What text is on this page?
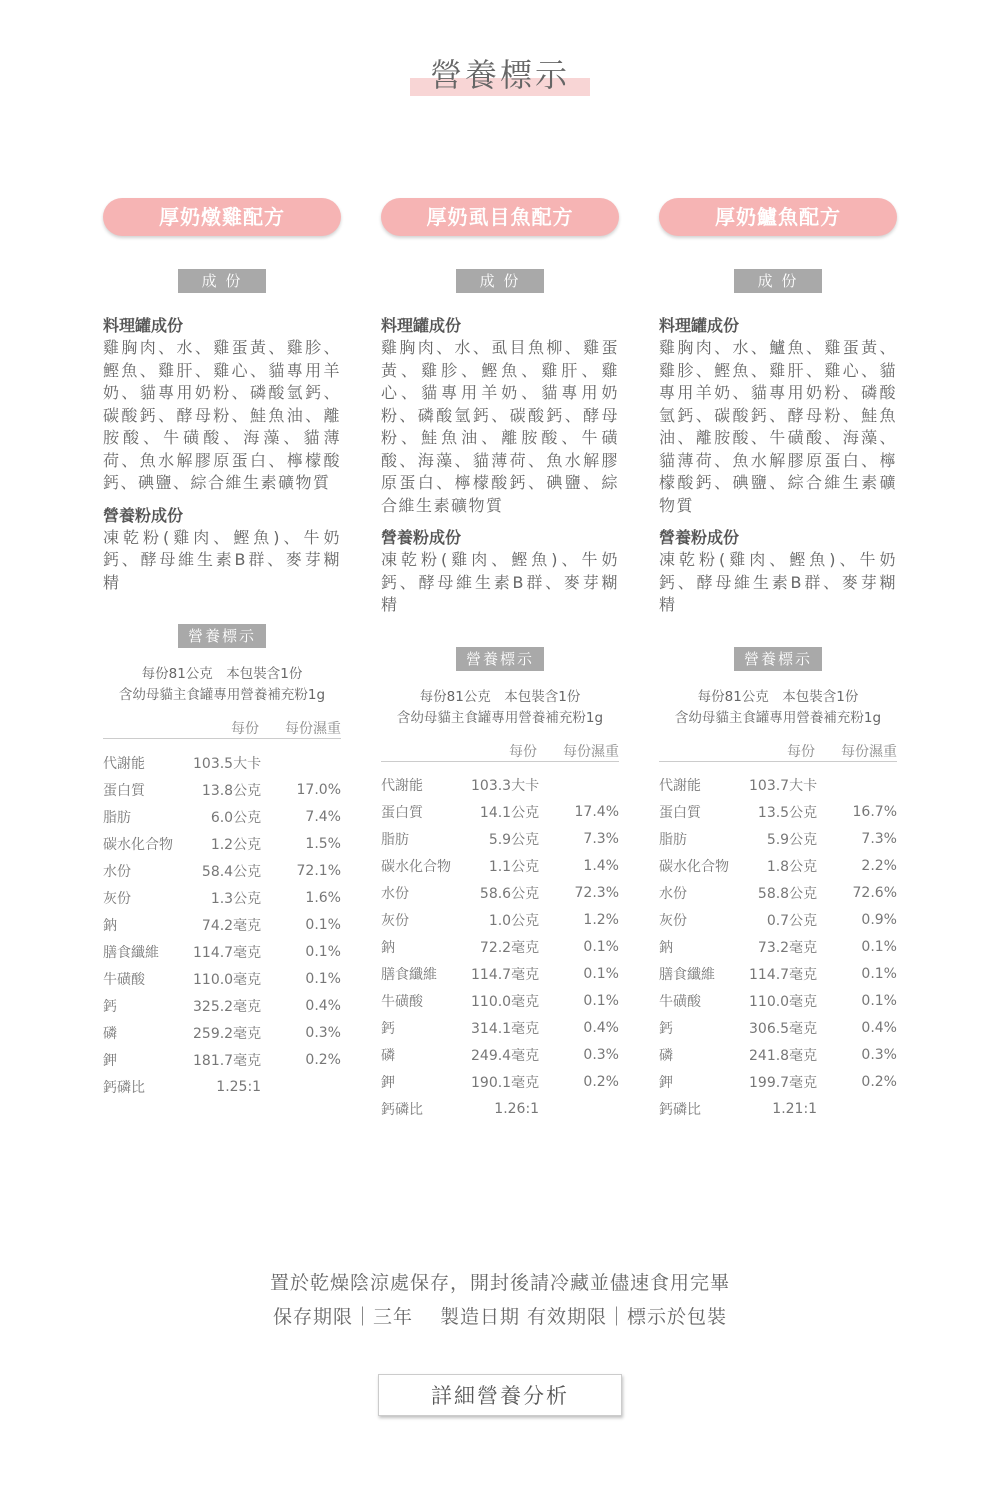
營養標示
厚奶燉雞配方
成 份
料理罐成份
雞胸肉、水、雞蛋黃、雞胗、鰹魚、雞肝、雞心、貓專用羊奶、貓專用奶粉、磷酸氫鈣、碳酸鈣、酵母粉、鮭魚油、離胺酸、牛磺酸、海藻、貓薄荷、魚水解膠原蛋白、檸檬酸鈣、碘鹽、綜合維生素礦物質
營養粉成份
凍乾粉(雞肉、鰹魚)、牛奶鈣、酵母維生素B群、麥芽糊精
營養標示
每份81公克　本包裝含1份
含幼母貓主食罐專用營養補充粉1g
每份 每份濕重
代謝能	103.5大卡	
蛋白質	13.8公克	17.0%
脂肪	6.0公克	7.4%
碳水化合物	1.2公克	1.5%
水份	58.4公克	72.1%
灰份	1.3公克	1.6%
鈉	74.2毫克	0.1%
膳食纖維	114.7毫克	0.1%
牛磺酸	110.0毫克	0.1%
鈣	325.2毫克	0.4%
磷	259.2毫克	0.3%
鉀	181.7毫克	0.2%
鈣磷比	1.25:1	
厚奶虱目魚配方
成 份
料理罐成份
雞胸肉、水、虱目魚柳、雞蛋黃、雞胗、鰹魚、雞肝、雞心、貓專用羊奶、貓專用奶粉、磷酸氫鈣、碳酸鈣、酵母粉、鮭魚油、離胺酸、牛磺酸、海藻、貓薄荷、魚水解膠原蛋白、檸檬酸鈣、碘鹽、綜合維生素礦物質
營養粉成份
凍乾粉(雞肉、鰹魚)、牛奶鈣、酵母維生素B群、麥芽糊精
營養標示
每份81公克　本包裝含1份
含幼母貓主食罐專用營養補充粉1g
每份 每份濕重
代謝能	103.3大卡	
蛋白質	14.1公克	17.4%
脂肪	5.9公克	7.3%
碳水化合物	1.1公克	1.4%
水份	58.6公克	72.3%
灰份	1.0公克	1.2%
鈉	72.2毫克	0.1%
膳食纖維	114.7毫克	0.1%
牛磺酸	110.0毫克	0.1%
鈣	314.1毫克	0.4%
磷	249.4毫克	0.3%
鉀	190.1毫克	0.2%
鈣磷比	1.26:1	
厚奶鱸魚配方
成 份
料理罐成份
雞胸肉、水、鱸魚、雞蛋黃、雞胗、鰹魚、雞肝、雞心、貓專用羊奶、貓專用奶粉、磷酸氫鈣、碳酸鈣、酵母粉、鮭魚油、離胺酸、牛磺酸、海藻、貓薄荷、魚水解膠原蛋白、檸檬酸鈣、碘鹽、綜合維生素礦物質
營養粉成份
凍乾粉(雞肉、鰹魚)、牛奶鈣、酵母維生素B群、麥芽糊精
營養標示
每份81公克　本包裝含1份
含幼母貓主食罐專用營養補充粉1g
每份 每份濕重
代謝能	103.7大卡	
蛋白質	13.5公克	16.7%
脂肪	5.9公克	7.3%
碳水化合物	1.8公克	2.2%
水份	58.8公克	72.6%
灰份	0.7公克	0.9%
鈉	73.2毫克	0.1%
膳食纖維	114.7毫克	0.1%
牛磺酸	110.0毫克	0.1%
鈣	306.5毫克	0.4%
磷	241.8毫克	0.3%
鉀	199.7毫克	0.2%
鈣磷比	1.21:1	
置於乾燥陰涼處保存，開封後請冷藏並儘速食用完畢
保存期限｜三年　 製造日期 有效期限｜標示於包裝
詳細營養分析
